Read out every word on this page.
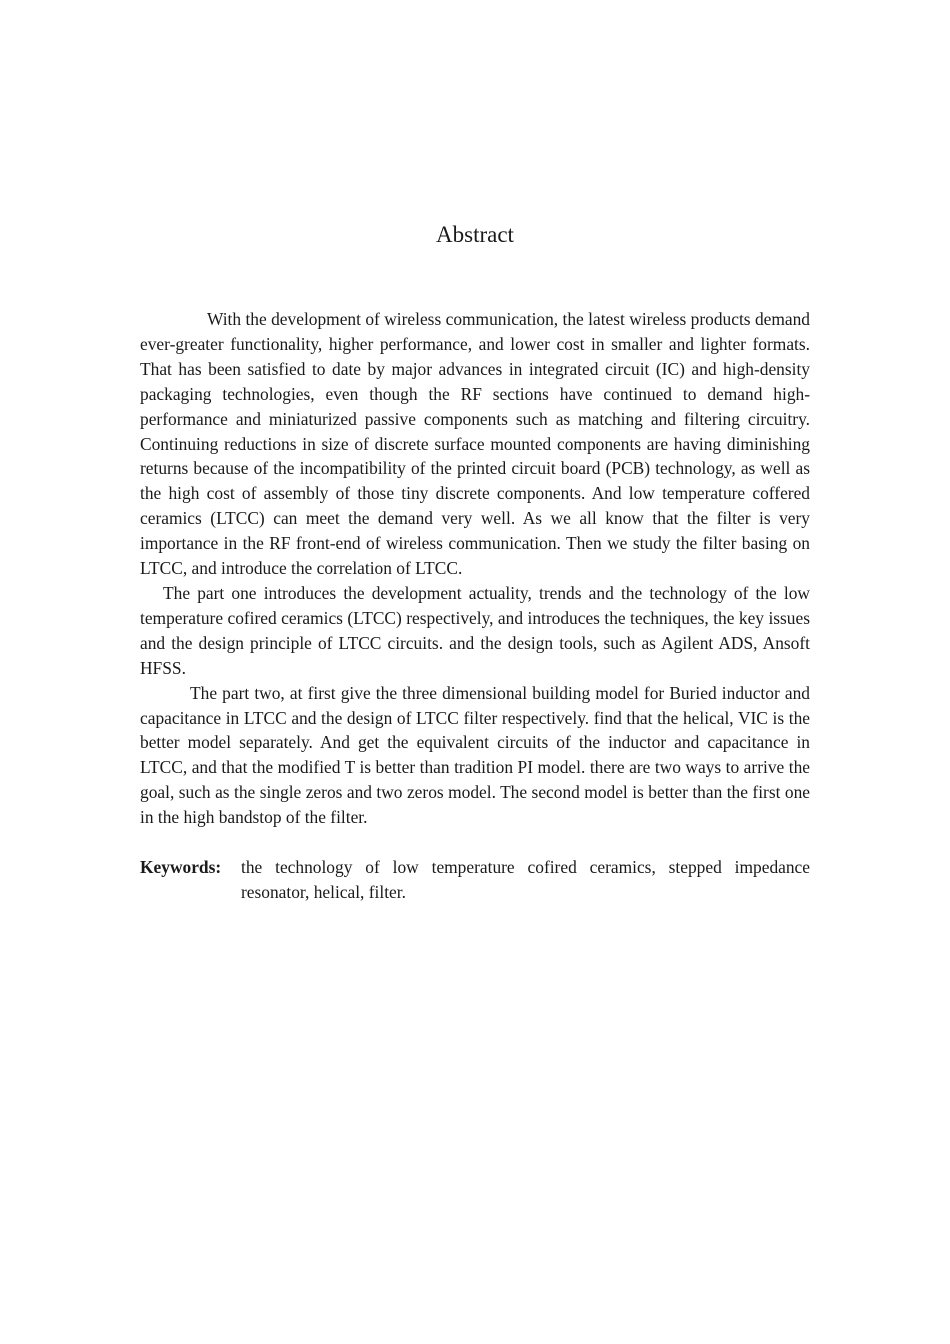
Abstract

With the development of wireless communication, the latest wireless products demand ever-greater functionality, higher performance, and lower cost in smaller and lighter formats. That has been satisfied to date by major advances in integrated circuit (IC) and high-density packaging technologies, even though the RF sections have continued to demand high-performance and miniaturized passive components such as matching and filtering circuitry. Continuing reductions in size of discrete surface mounted components are having diminishing returns because of the incompatibility of the printed circuit board (PCB) technology, as well as the high cost of assembly of those tiny discrete components. And low temperature coffered ceramics (LTCC) can meet the demand very well. As we all know that the filter is very importance in the RF front-end of wireless communication. Then we study the filter basing on LTCC, and introduce the correlation of LTCC.

The part one introduces the development actuality, trends and the technology of the low temperature cofired ceramics (LTCC) respectively, and introduces the techniques, the key issues and the design principle of LTCC circuits. and the design tools, such as Agilent ADS, Ansoft HFSS.

The part two, at first give the three dimensional building model for Buried inductor and capacitance in LTCC and the design of LTCC filter respectively. find that the helical, VIC is the better model separately. And get the equivalent circuits of the inductor and capacitance in LTCC, and that the modified T is better than tradition PI model. there are two ways to arrive the goal, such as the single zeros and two zeros model. The second model is better than the first one in the high bandstop of the filter.

Keywords:	the technology of low temperature cofired ceramics, stepped impedance resonator, helical, filter.
